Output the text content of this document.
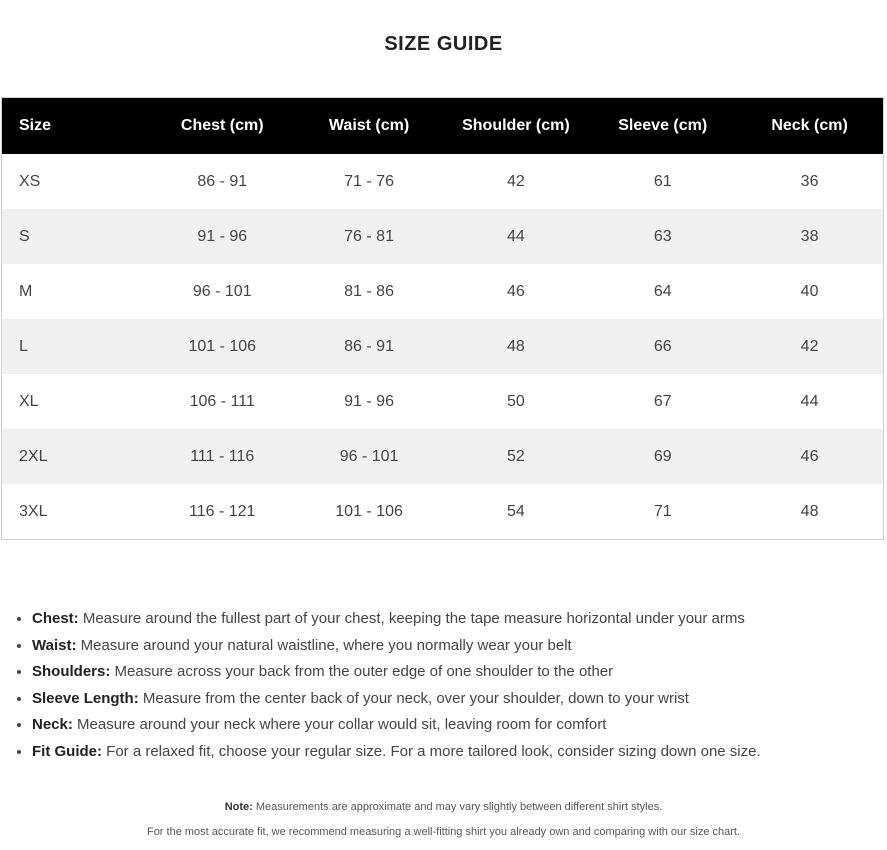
SIZE GUIDE
Size	Chest (cm)	Waist (cm)	Shoulder (cm)	Sleeve (cm)	Neck (cm)
XS	86 - 91	71 - 76	42	61	36
S	91 - 96	76 - 81	44	63	38
M	96 - 101	81 - 86	46	64	40
L	101 - 106	86 - 91	48	66	42
XL	106 - 111	91 - 96	50	67	44
2XL	111 - 116	96 - 101	52	69	46
3XL	116 - 121	101 - 106	54	71	48
• Chest: Measure around the fullest part of your chest, keeping the tape measure horizontal under your arms
• Waist: Measure around your natural waistline, where you normally wear your belt
• Shoulders: Measure across your back from the outer edge of one shoulder to the other
• Sleeve Length: Measure from the center back of your neck, over your shoulder, down to your wrist
• Neck: Measure around your neck where your collar would sit, leaving room for comfort
• Fit Guide: For a relaxed fit, choose your regular size. For a more tailored look, consider sizing down one size.

Note: Measurements are approximate and may vary slightly between different shirt styles.

For the most accurate fit, we recommend measuring a well-fitting shirt you already own and comparing with our size chart.
